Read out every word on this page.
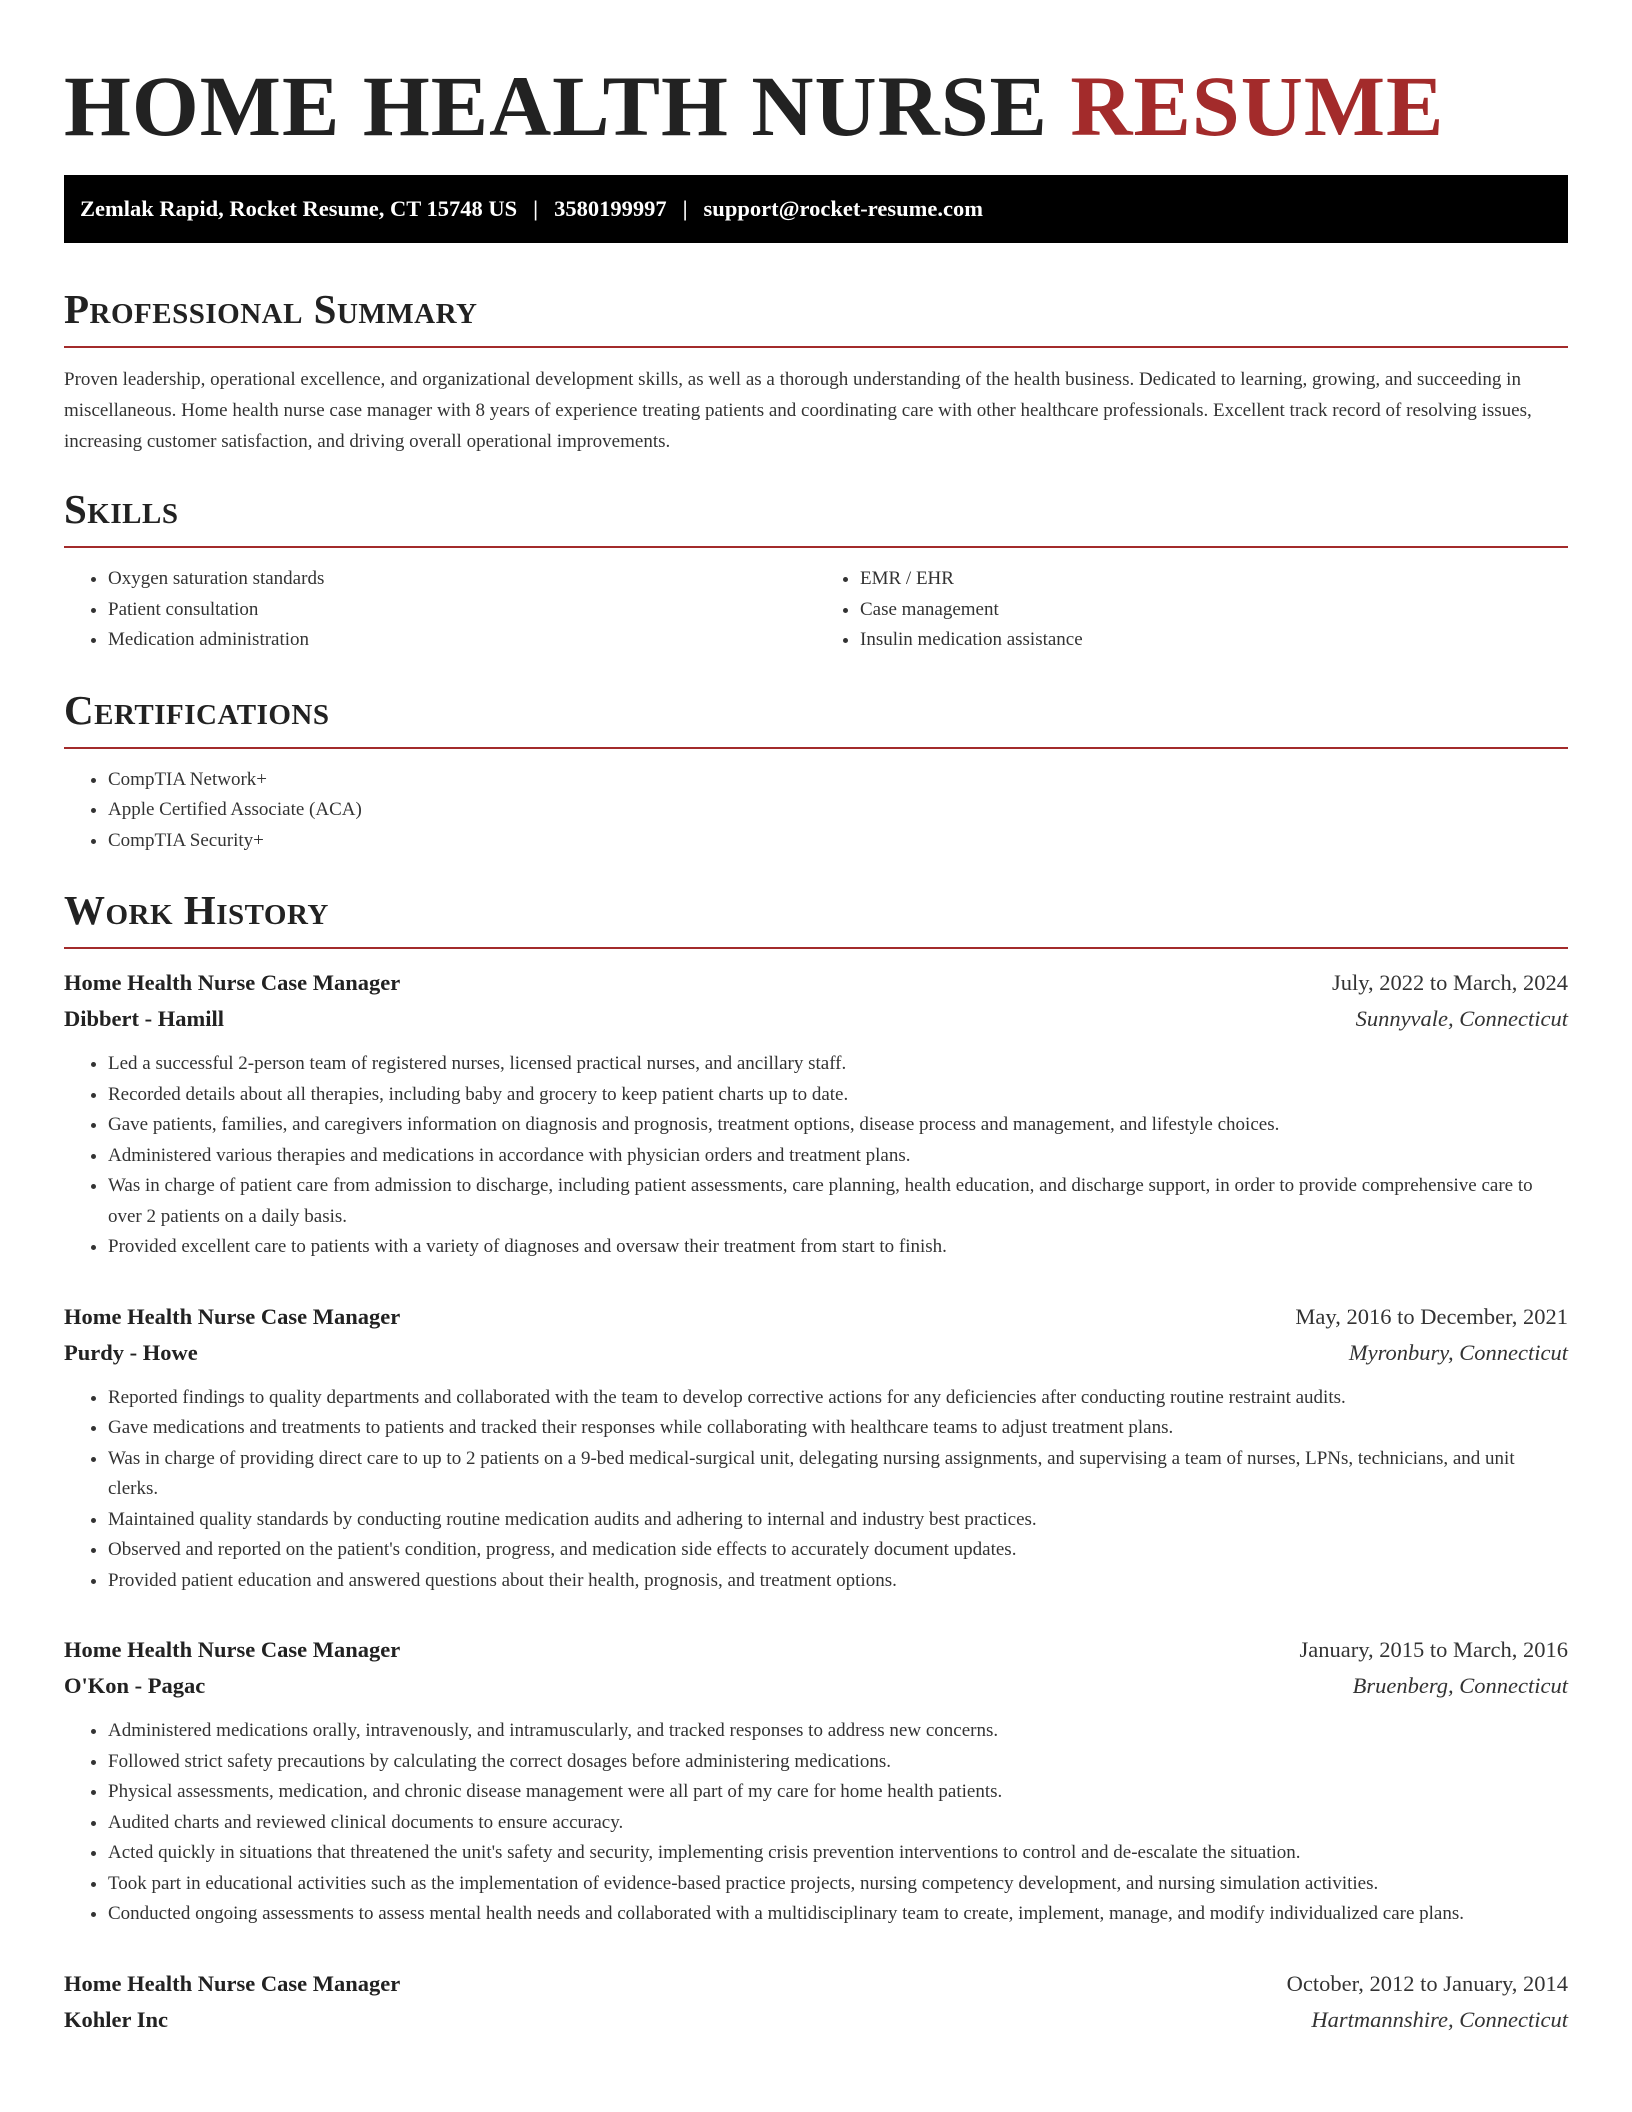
HOME HEALTH NURSE RESUME
Zemlak Rapid, Rocket Resume, CT 15748 US | 3580199997 | support@rocket-resume.com
Professional Summary

Proven leadership, operational excellence, and organizational development skills, as well as a thorough understanding of the health business. Dedicated to learning, growing, and succeeding in miscellaneous. Home health nurse case manager with 8 years of experience treating patients and coordinating care with other healthcare professionals. Excellent track record of resolving issues, increasing customer satisfaction, and driving overall operational improvements.

Skills
• Oxygen saturation standards
• Patient consultation
• Medication administration
• EMR / EHR
• Case management
• Insulin medication assistance
Certifications
• CompTIA Network+
• Apple Certified Associate (ACA)
• CompTIA Security+
Work History
Home Health Nurse Case Manager	July, 2022 to March, 2024
Dibbert - Hamill	Sunnyvale, Connecticut
• Led a successful 2-person team of registered nurses, licensed practical nurses, and ancillary staff.
• Recorded details about all therapies, including baby and grocery to keep patient charts up to date.
• Gave patients, families, and caregivers information on diagnosis and prognosis, treatment options, disease process and management, and lifestyle choices.
• Administered various therapies and medications in accordance with physician orders and treatment plans.
• Was in charge of patient care from admission to discharge, including patient assessments, care planning, health education, and discharge support, in order to provide comprehensive care to over 2 patients on a daily basis.
• Provided excellent care to patients with a variety of diagnoses and oversaw their treatment from start to finish.
Home Health Nurse Case Manager	May, 2016 to December, 2021
Purdy - Howe	Myronbury, Connecticut
• Reported findings to quality departments and collaborated with the team to develop corrective actions for any deficiencies after conducting routine restraint audits.
• Gave medications and treatments to patients and tracked their responses while collaborating with healthcare teams to adjust treatment plans.
• Was in charge of providing direct care to up to 2 patients on a 9-bed medical-surgical unit, delegating nursing assignments, and supervising a team of nurses, LPNs, technicians, and unit clerks.
• Maintained quality standards by conducting routine medication audits and adhering to internal and industry best practices.
• Observed and reported on the patient's condition, progress, and medication side effects to accurately document updates.
• Provided patient education and answered questions about their health, prognosis, and treatment options.
Home Health Nurse Case Manager	January, 2015 to March, 2016
O'Kon - Pagac	Bruenberg, Connecticut
• Administered medications orally, intravenously, and intramuscularly, and tracked responses to address new concerns.
• Followed strict safety precautions by calculating the correct dosages before administering medications.
• Physical assessments, medication, and chronic disease management were all part of my care for home health patients.
• Audited charts and reviewed clinical documents to ensure accuracy.
• Acted quickly in situations that threatened the unit's safety and security, implementing crisis prevention interventions to control and de-escalate the situation.
• Took part in educational activities such as the implementation of evidence-based practice projects, nursing competency development, and nursing simulation activities.
• Conducted ongoing assessments to assess mental health needs and collaborated with a multidisciplinary team to create, implement, manage, and modify individualized care plans.
Home Health Nurse Case Manager	October, 2012 to January, 2014
Kohler Inc	Hartmannshire, Connecticut
